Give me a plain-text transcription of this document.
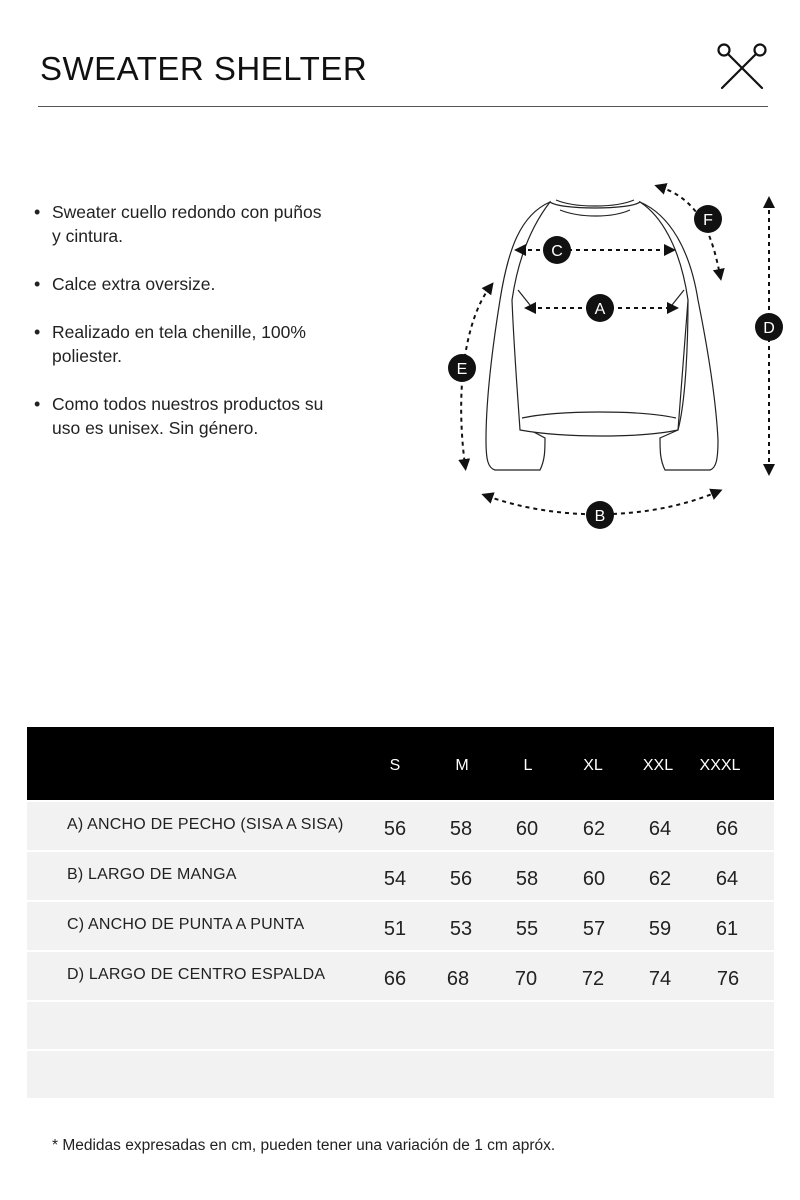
SWEATER SHELTER
• Sweater cuello redondo con puños y cintura.
• Calce extra oversize.
• Realizado en tela chenille, 100% poliester.
• Como todos nuestros productos su uso es unisex. Sin género.
C
A
D
E
B
F
S	M	L	XL	XXL XXXL
A) ANCHO DE PECHO (SISA A SISA) 56 58 60 62 64 66
B) LARGO DE MANGA	54 56 58 60 62 64
C) ANCHO DE PUNTA A PUNTA	51 53 55 57 59 61
D) LARGO DE CENTRO ESPALDA	66 68 70 72 74 76
* Medidas expresadas en cm, pueden tener una variación de 1 cm apróx.
